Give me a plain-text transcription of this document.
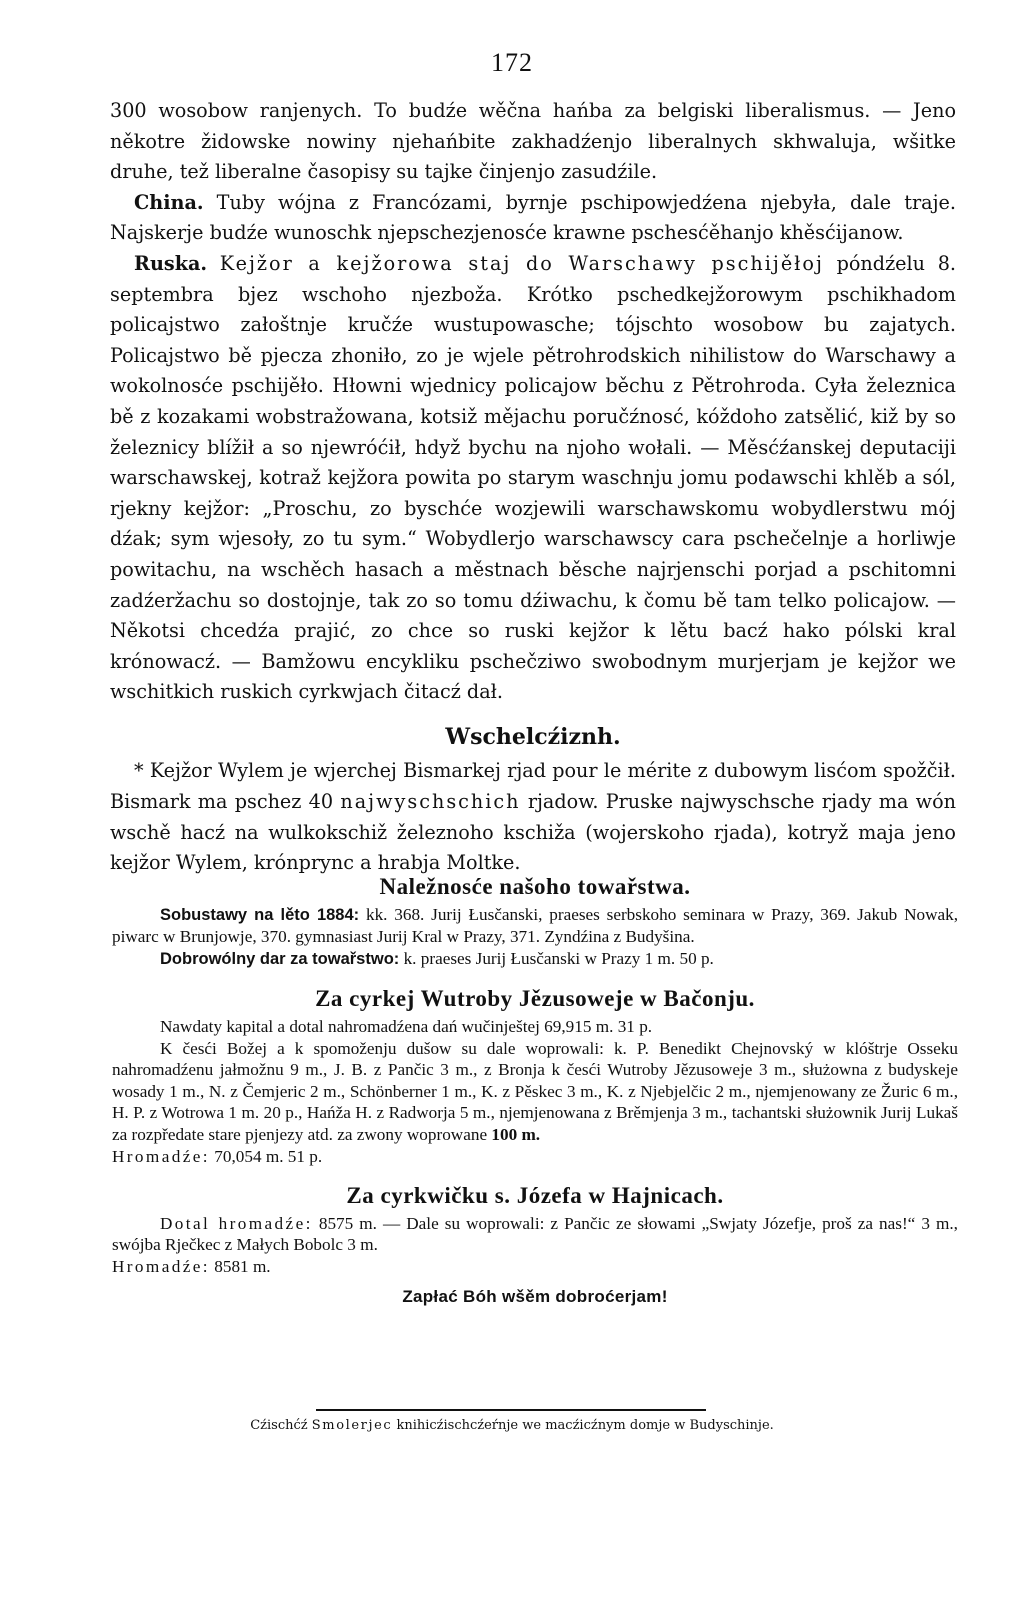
172

300 wosobow ranjenych. To budźe wěčna hańba za belgiski liberalismus. — Jeno někotre židowske nowiny njehańbite zakhadźenjo liberalnych skhwaluja, wšitke druhe, tež liberalne časopisy su tajke činjenjo zasudźile.

China. Tuby wójna z Francózami, byrnje pschipowjedźena njebyła, dale traje. Najskerje budźe wunoschk njepschezjenosće krawne pschesćěhanjo khěsćijanow.

Ruska. Kejžor a kejžorowa staj do Warschawy pschijěłoj póndźelu 8. septembra bjez wschoho njezboža. Krótko pschedkejžorowym pschikhadom policajstwo załoštnje kručźe wustupowasche; tójschto wosobow bu zajatych. Policajstwo bě pjecza zhoniło, zo je wjele pětrohrodskich nihilistow do Warschawy a wokolnosće pschijěło. Hłowni wjednicy policajow běchu z Pětrohroda. Cyła železnica bě z kozakami wobstražowana, kotsiž mějachu poručźnosć, kóždoho zatsělić, kiž by so železnicy blížił a so njewróćił, hdyž bychu na njoho wołali. — Měsćźanskej deputaciji warschawskej, kotraž kejžora powita po starym waschnju jomu podawschi khlěb a sól, rjekny kejžor: „Proschu, zo byschće wozjewili warschawskomu wobydlerstwu mój dźak; sym wjesoły, zo tu sym.“ Wobydlerjo warschawscy cara pschečelnje a horliwje powitachu, na wschěch hasach a městnach běsche najrjenschi porjad a pschitomni zadźeržachu so dostojnje, tak zo so tomu dźiwachu, k čomu bě tam telko policajow. — Někotsi chcedźa prajić, zo chce so ruski kejžor k lětu bacź hako pólski kral krónowacź. — Bamžowu encykliku pschečziwo swobodnym murjerjam je kejžor we wschitkich ruskich cyrkwjach čitacź dał.

Wschelcźiznh.

* Kejžor Wylem je wjerchej Bismarkej rjad pour le mérite z dubowym lisćom spožčił. Bismark ma pschez 40 najwyschschich rjadow. Pruske najwyschsche rjady ma wón wschě hacź na wulkokschiž železnoho kschiža (wojerskoho rjada), kotryž maja jeno kejžor Wylem, krónprync a hrabja Moltke.

Naležnosće našoho towařstwa.

Sobustawy na lěto 1884: kk. 368. Jurij Łusčanski, praeses serbskoho seminara w Prazy, 369. Jakub Nowak, piwarc w Brunjowje, 370. gymnasiast Jurij Kral w Prazy, 371. Zyndźina z Budyšina.

Dobrowólny dar za towařstwo: k. praeses Jurij Łusčanski w Prazy 1 m. 50 p.

Za cyrkej Wutroby Jězusoweje w Bačonju.

Nawdaty kapital a dotal nahromadźena dań wučinještej 69,915 m. 31 p.

K česći Božej a k spomoženju dušow su dale woprowali: k. P. Benedikt Chejnovský w klóštrje Osseku nahromadźenu jałmožnu 9 m., J. B. z Pančic 3 m., z Bronja k česći Wutroby Jězusoweje 3 m., służowna z budyskeje wosady 1 m., N. z Čemjeric 2 m., Schönberner 1 m., K. z Pěskec 3 m., K. z Njebjelčic 2 m., njemjenowany ze Žuric 6 m., H. P. z Wotrowa 1 m. 20 p., Hańža H. z Radworja 5 m., njemjenowana z Brěmjenja 3 m., tachantski służownik Jurij Lukaš za rozpředate stare pjenjezy atd. za zwony woprowane 100 m.

Hromadźe: 70,054 m. 51 p.

Za cyrkwičku s. Józefa w Hajnicach.

Dotal hromadźe: 8575 m. — Dale su woprowali: z Pančic ze słowami „Swjaty Józefje, proš za nas!“ 3 m., swójba Rječkec z Małych Bobolc 3 m.

Hromadźe: 8581 m.

Zapłać Bóh wšěm dobroćerjam!
Cźischćź Smolerjec knihicźischcźeŕnje we macźicźnym domje w Budyschinje.
